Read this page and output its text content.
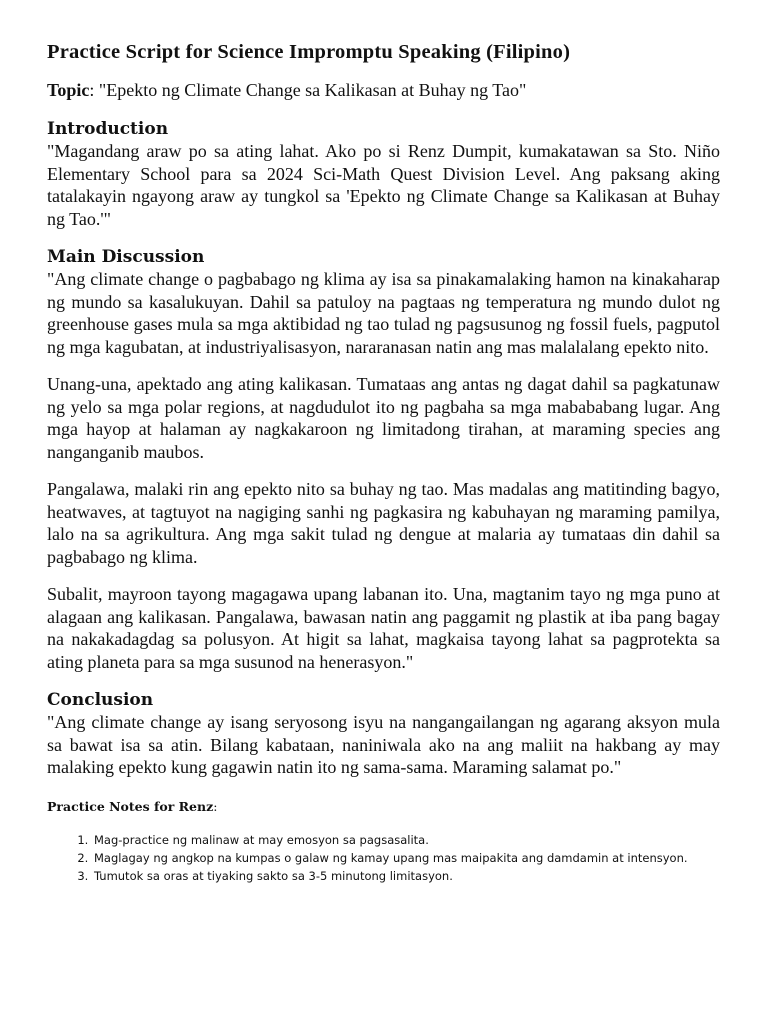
Practice Script for Science Impromptu Speaking (Filipino)
Topic: "Epekto ng Climate Change sa Kalikasan at Buhay ng Tao"
Introduction

"Magandang araw po sa ating lahat. Ako po si Renz Dumpit, kumakatawan sa Sto. Niño Elementary School para sa 2024 Sci-Math Quest Division Level. Ang paksang aking tatalakayin ngayong araw ay tungkol sa 'Epekto ng Climate Change sa Kalikasan at Buhay ng Tao.'"

Main Discussion

"Ang climate change o pagbabago ng klima ay isa sa pinakamalaking hamon na kinakaharap ng mundo sa kasalukuyan. Dahil sa patuloy na pagtaas ng temperatura ng mundo dulot ng greenhouse gases mula sa mga aktibidad ng tao tulad ng pagsusunog ng fossil fuels, pagputol ng mga kagubatan, at industriyalisasyon, nararanasan natin ang mas malalalang epekto nito.

Unang-una, apektado ang ating kalikasan. Tumataas ang antas ng dagat dahil sa pagkatunaw ng yelo sa mga polar regions, at nagdudulot ito ng pagbaha sa mga mabababang lugar. Ang mga hayop at halaman ay nagkakaroon ng limitadong tirahan, at maraming species ang nanganganib maubos.

Pangalawa, malaki rin ang epekto nito sa buhay ng tao. Mas madalas ang matitinding bagyo, heatwaves, at tagtuyot na nagiging sanhi ng pagkasira ng kabuhayan ng maraming pamilya, lalo na sa agrikultura. Ang mga sakit tulad ng dengue at malaria ay tumataas din dahil sa pagbabago ng klima.

Subalit, mayroon tayong magagawa upang labanan ito. Una, magtanim tayo ng mga puno at alagaan ang kalikasan. Pangalawa, bawasan natin ang paggamit ng plastik at iba pang bagay na nakakadagdag sa polusyon. At higit sa lahat, magkaisa tayong lahat sa pagprotekta sa ating planeta para sa mga susunod na henerasyon."

Conclusion

"Ang climate change ay isang seryosong isyu na nangangailangan ng agarang aksyon mula sa bawat isa sa atin. Bilang kabataan, naniniwala ako na ang maliit na hakbang ay may malaking epekto kung gagawin natin ito ng sama-sama. Maraming salamat po."

Practice Notes for Renz:
1. Mag-practice ng malinaw at may emosyon sa pagsasalita.
2. Maglagay ng angkop na kumpas o galaw ng kamay upang mas maipakita ang damdamin at intensyon.
3. Tumutok sa oras at tiyaking sakto sa 3-5 minutong limitasyon.
